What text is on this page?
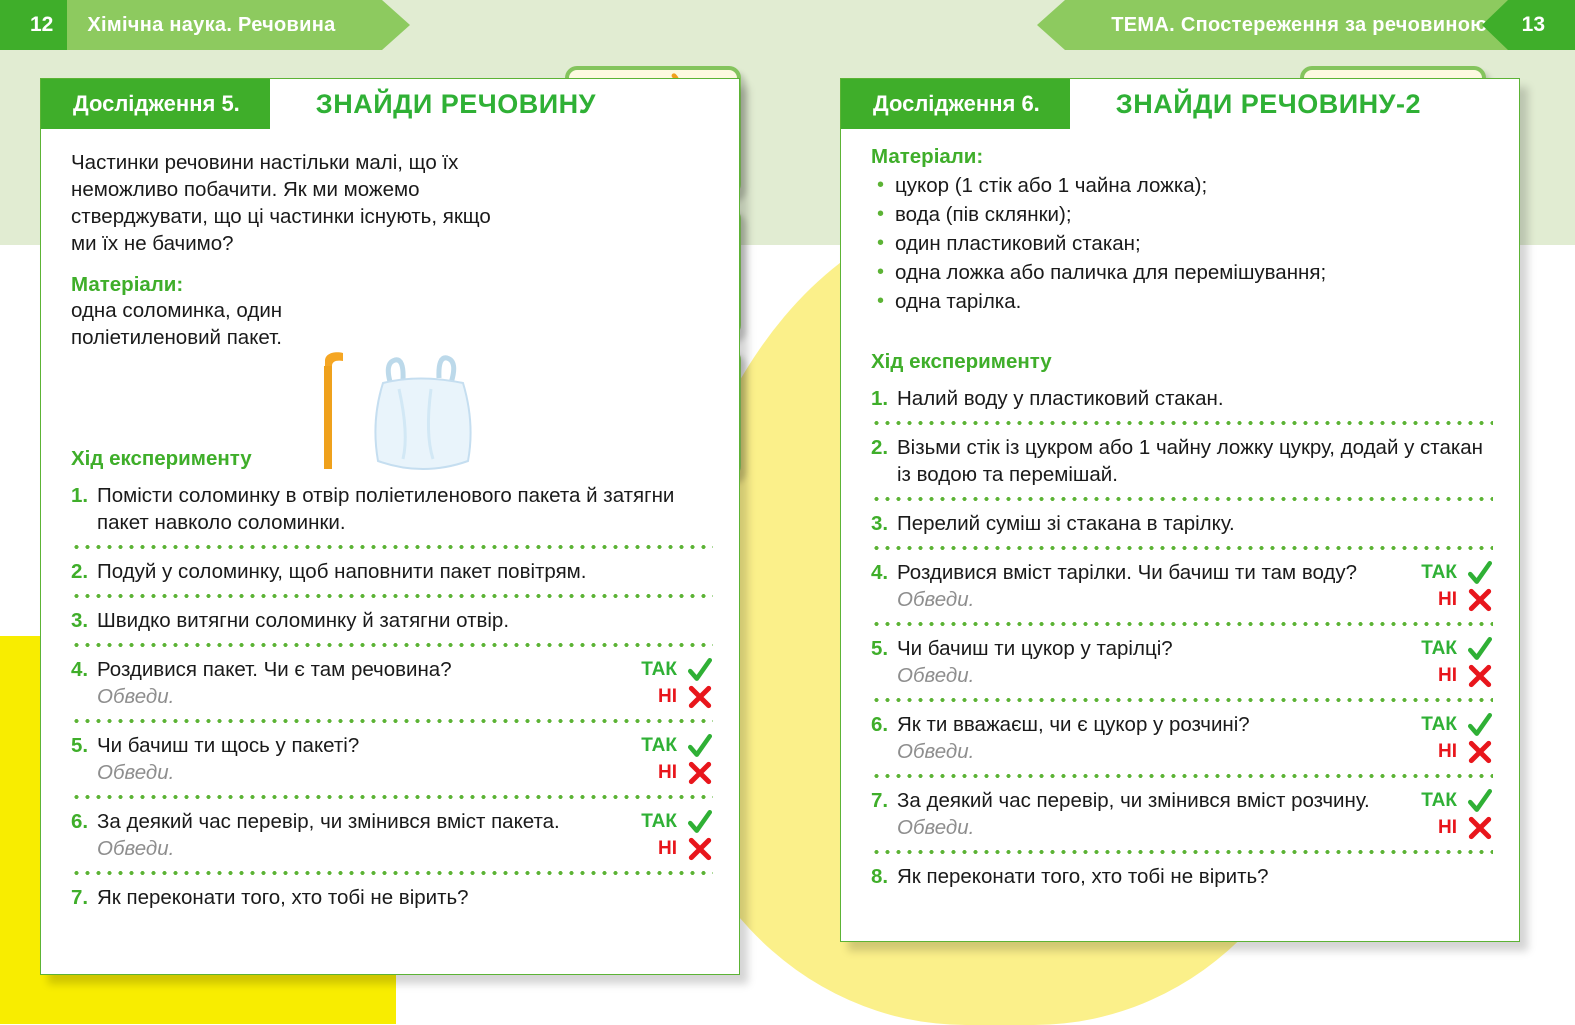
12	Хімічна наука. Речовина	ТЕМА. Спостереження за речовиною	13
Дослідження 5.	ЗНАЙДИ РЕЧОВИНУ

Частинки речовини настільки малі, що їх неможливо побачити. Як ми можемо стверджувати, що ці частинки існують, якщо ми їх не бачимо?

Матеріали:
одна соломинка, один поліетиленовий пакет.
Хід експерименту
1. Помісти соломинку в отвір поліетиленового пакета й затягни пакет навколо соломинки.
2. Подуй у соломинку, щоб наповнити пакет повітрям.
3. Швидко витягни соломинку й затягни отвір.
4. Роздивися пакет. Чи є там речовина?
Обведи.
ТАК
НІ
5. Чи бачиш ти щось у пакеті?
Обведи.
ТАК
НІ
6. За деякий час перевір, чи змінився вміст пакета. Обведи.
ТАК
НІ
7. Як переконати того, хто тобі не вірить?
Дослідження 6.	ЗНАЙДИ РЕЧОВИНУ-2
Матеріали:
• цукор (1 стік або 1 чайна ложка);
• вода (пів склянки);
• один пластиковий стакан;
• одна ложка або паличка для перемішування;
• одна тарілка.
Хід експерименту
1. Налий воду у пластиковий стакан.
2. Візьми стік із цукром або 1 чайну ложку цукру, додай у стакан із водою та перемішай.
3. Перелий суміш зі стакана в тарілку.
4. Роздивися вміст тарілки. Чи бачиш ти там воду? Обведи.
ТАК
НІ
5. Чи бачиш ти цукор у тарілці?
Обведи.
ТАК
НІ
6. Як ти вважаєш, чи є цукор у розчині?
Обведи.
ТАК
НІ
7. За деякий час перевір, чи змінився вміст розчину. Обведи.
ТАК
НІ
8. Як переконати того, хто тобі не вірить?
